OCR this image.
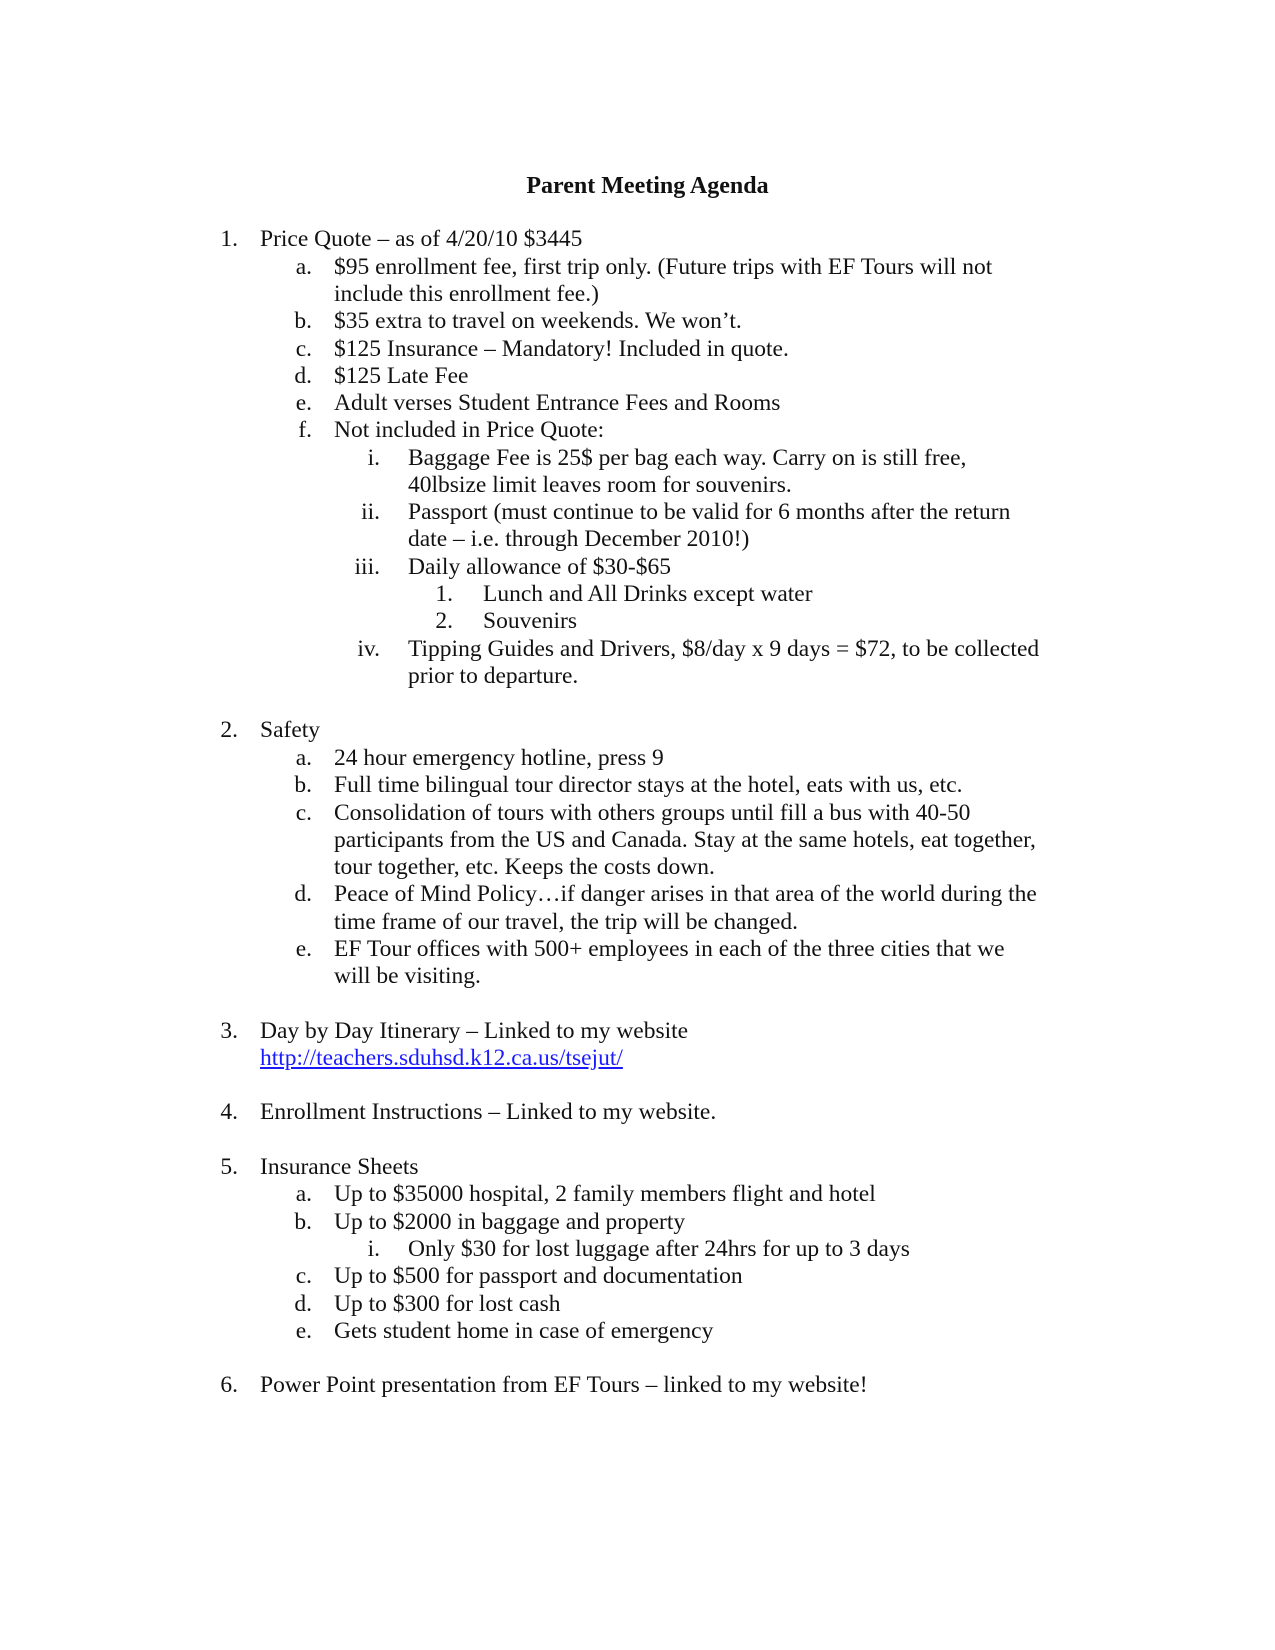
Parent Meeting Agenda
1. Price Quote – as of 4/20/10 $3445
a. $95 enrollment fee, first trip only. (Future trips with EF Tours will not
include this enrollment fee.)
b. $35 extra to travel on weekends. We won’t.
c. $125 Insurance – Mandatory! Included in quote.
d. $125 Late Fee
e. Adult verses Student Entrance Fees and Rooms
f. Not included in Price Quote:
i. Baggage Fee is 25$ per bag each way. Carry on is still free,
40lbsize limit leaves room for souvenirs.
ii. Passport (must continue to be valid for 6 months after the return
date – i.e. through December 2010!)
iii. Daily allowance of $30-$65
1. Lunch and All Drinks except water
2. Souvenirs
iv. Tipping Guides and Drivers, $8/day x 9 days = $72, to be collected
prior to departure.
2. Safety
a. 24 hour emergency hotline, press 9
b. Full time bilingual tour director stays at the hotel, eats with us, etc.
c. Consolidation of tours with others groups until fill a bus with 40-50
participants from the US and Canada. Stay at the same hotels, eat together,
tour together, etc. Keeps the costs down.
d. Peace of Mind Policy…if danger arises in that area of the world during the
time frame of our travel, the trip will be changed.
e. EF Tour offices with 500+ employees in each of the three cities that we
will be visiting.
3. Day by Day Itinerary – Linked to my website
http://teachers.sduhsd.k12.ca.us/tsejut/
4. Enrollment Instructions – Linked to my website.
5. Insurance Sheets
a. Up to $35000 hospital, 2 family members flight and hotel
b. Up to $2000 in baggage and property
i. Only $30 for lost luggage after 24hrs for up to 3 days
c. Up to $500 for passport and documentation
d. Up to $300 for lost cash
e. Gets student home in case of emergency
6. Power Point presentation from EF Tours – linked to my website!
